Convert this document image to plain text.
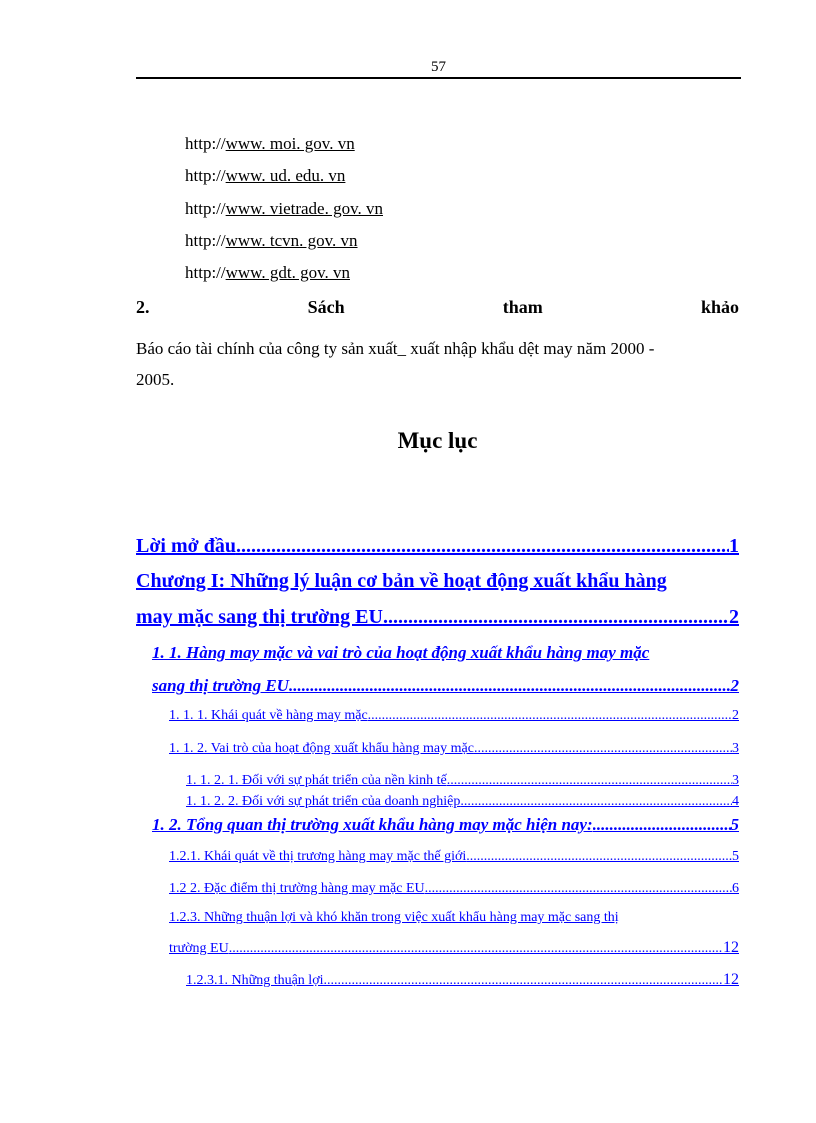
57
http://www. moi. gov. vn
http://www. ud. edu. vn
http://www. vietrade. gov. vn
http://www. tcvn. gov. vn
http://www. gdt. gov. vn
2.	Sách	tham	khảo
Báo cáo tài chính của công ty sản xuất_ xuất nhập khẩu dệt may năm 2000 -
2005.
Mục lục
Lời mở đầu .....	1
Chương I: Những lý luận cơ bản về hoạt động xuất khẩu hàng
may mặc sang thị trường EU .....	2
1. 1. Hàng may mặc và vai trò của hoạt động xuất khẩu hàng may mặc
sang thị trường EU .....	2
1. 1. 1. Khái quát về hàng may mặc .....	2
1. 1. 2. Vai trò của hoạt động xuất khẩu hàng may mặc .....	3
1. 1. 2. 1. Đối với sự phát triển của nền kinh tế .....	3
1. 1. 2. 2. Đối với sự phát triển của doanh nghiệp .....	4
1. 2. Tổng quan thị trường xuất khẩu hàng may mặc hiện nay: .....	5
1.2.1. Khái quát về thị trương hàng may mặc thế giới .....	5
1.2 2. Đặc điểm thị trường hàng may mặc EU .....	6
1.2.3. Những thuận lợi và khó khăn trong việc xuất khẩu hàng may mặc sang thị
trường EU .....	12
1.2.3.1. Những thuận lợi .....	12
